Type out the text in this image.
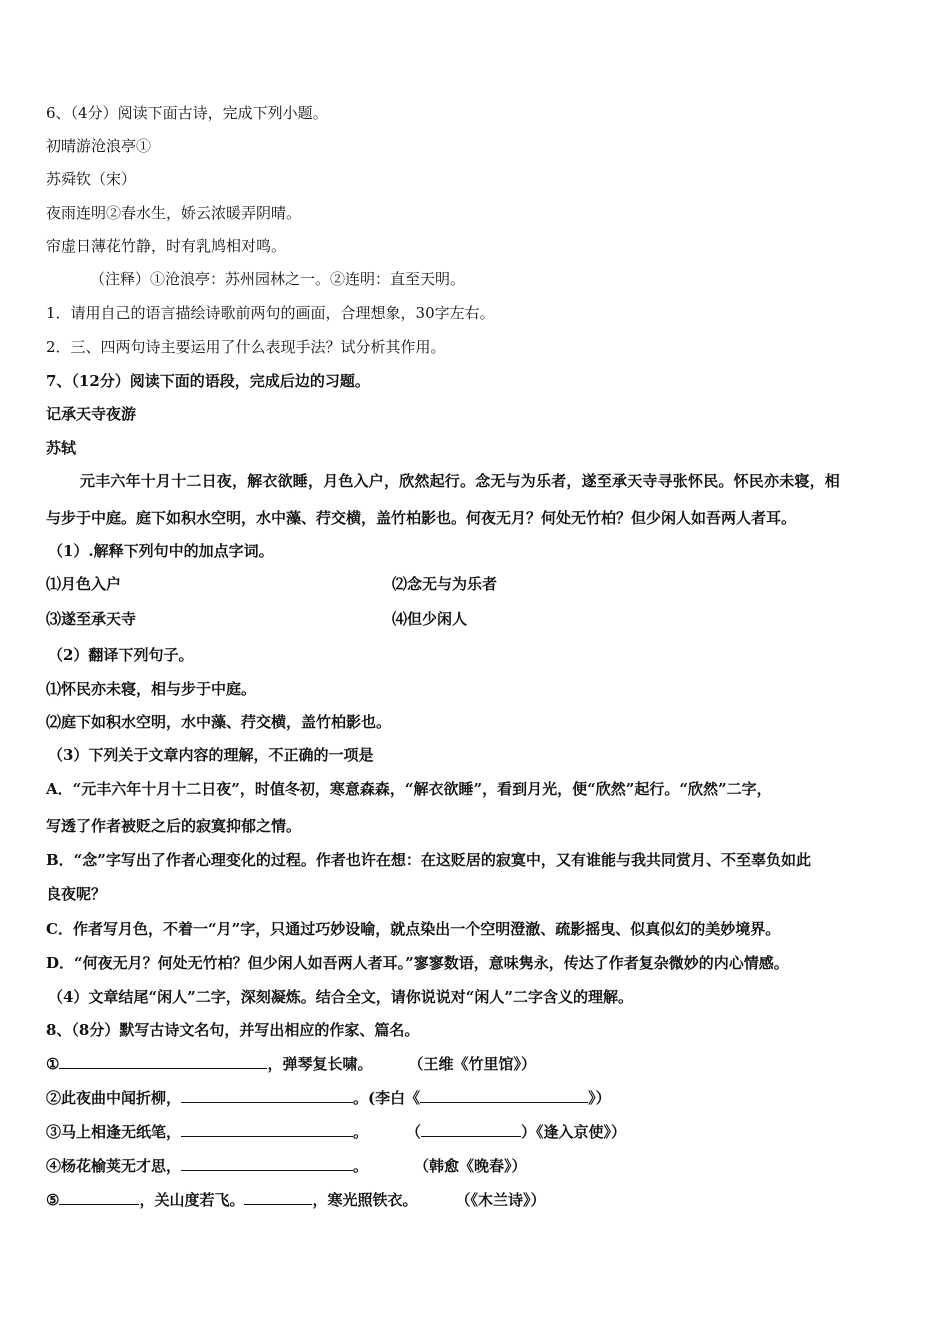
6、（4分）阅读下面古诗，完成下列小题。
初晴游沧浪亭①
苏舜钦（宋）
夜雨连明②春水生，娇云浓暖弄阴晴。
帘虚日薄花竹静，时有乳鸠相对鸣。
（注释）①沧浪亭：苏州园林之一。②连明：直至天明。
1．请用自己的语言描绘诗歌前两句的画面，合理想象，30字左右。
2．三、四两句诗主要运用了什么表现手法？试分析其作用。
7、（12分）阅读下面的语段，完成后边的习题。
记承天寺夜游
苏轼
元丰六年十月十二日夜，解衣欲睡，月色入户，欣然起行。念无与为乐者，遂至承天寺寻张怀民。怀民亦未寝，相
与步于中庭。庭下如积水空明，水中藻、荇交横，盖竹柏影也。何夜无月？何处无竹柏？但少闲人如吾两人者耳。
（1）.解释下列句中的加点字词。
⑴月色入户	⑵念无与为乐者
⑶遂至承天寺	⑷但少闲人
（2）翻译下列句子。
⑴怀民亦未寝，相与步于中庭。
⑵庭下如积水空明，水中藻、荇交横，盖竹柏影也。
（3）下列关于文章内容的理解，不正确的一项是
A．“元丰六年十月十二日夜”，时值冬初，寒意森森，“解衣欲睡”，看到月光，便“欣然”起行。“欣然”二字，
写透了作者被贬之后的寂寞抑郁之情。
B．“念”字写出了作者心理变化的过程。作者也许在想：在这贬居的寂寞中，又有谁能与我共同赏月、不至辜负如此
良夜呢？
C．作者写月色，不着一“月”字，只通过巧妙设喻，就点染出一个空明澄澈、疏影摇曳、似真似幻的美妙境界。
D．“何夜无月？何处无竹柏？但少闲人如吾两人者耳。”寥寥数语，意味隽永，传达了作者复杂微妙的内心情感。
（4）文章结尾“闲人”二字，深刻凝炼。结合全文，请你说说对“闲人”二字含义的理解。
8、（8分）默写古诗文名句，并写出相应的作家、篇名。
①	，弹琴复长啸。 （王维《竹里馆》）
②此夜曲中闻折柳，	。(李白《	》）
③马上相逢无纸笔，	。	（	）《逢入京使》）
④杨花榆荚无才思，	。	（韩愈《晚春》）
⑤	，关山度若飞。	，寒光照铁衣。	（《木兰诗》）
